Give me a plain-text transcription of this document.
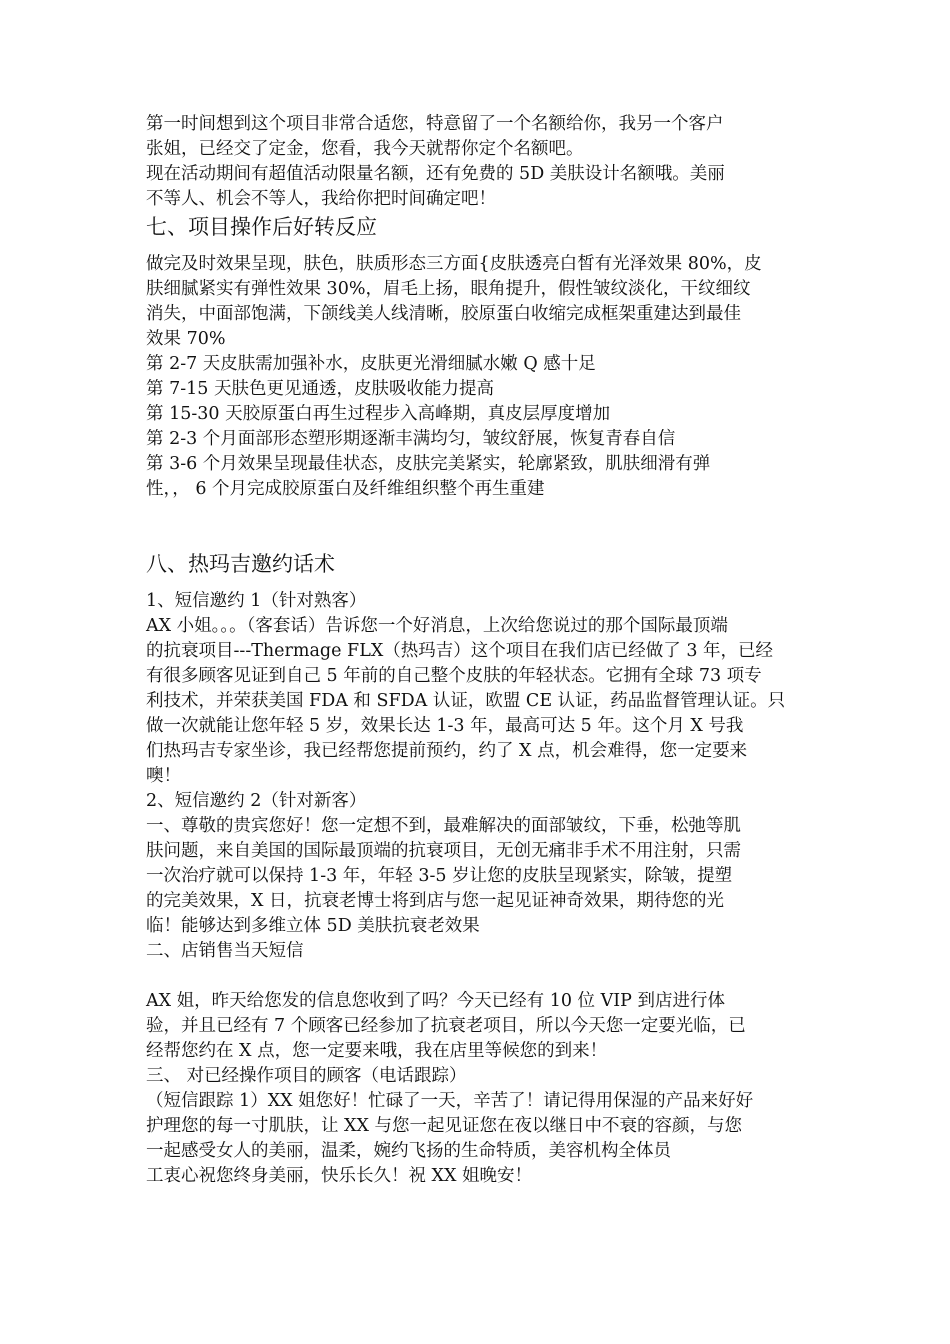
第一时间想到这个项目非常合适您，特意留了一个名额给你，我另一个客户
张姐，已经交了定金，您看，我今天就帮你定个名额吧。
现在活动期间有超值活动限量名额，还有免费的 5D 美肤设计名额哦。美丽
不等人、机会不等人，我给你把时间确定吧！
七、项目操作后好转反应
做完及时效果呈现，肤色，肤质形态三方面{皮肤透亮白皙有光泽效果 80%，皮
肤细腻紧实有弹性效果 30%，眉毛上扬，眼角提升，假性皱纹淡化，干纹细纹
消失，中面部饱满，下颌线美人线清晰，胶原蛋白收缩完成框架重建达到最佳
效果 70%
第 2-7 天皮肤需加强补水，皮肤更光滑细腻水嫩 Q 感十足
第 7-15 天肤色更见通透，皮肤吸收能力提高
第 15-30 天胶原蛋白再生过程步入高峰期，真皮层厚度增加
第 2-3 个月面部形态塑形期逐渐丰满均匀，皱纹舒展，恢复青春自信
第 3-6 个月效果呈现最佳状态，皮肤完美紧实，轮廓紧致，肌肤细滑有弹
性，， 6 个月完成胶原蛋白及纤维组织整个再生重建
八、热玛吉邀约话术
1、短信邀约 1（针对熟客）
AX 小姐。。。（客套话）告诉您一个好消息，上次给您说过的那个国际最顶端
的抗衰项目---Thermage FLX（热玛吉）这个项目在我们店已经做了 3 年，已经
有很多顾客见证到自己 5 年前的自己整个皮肤的年轻状态。它拥有全球 73 项专
利技术，并荣获美国 FDA 和 SFDA 认证，欧盟 CE 认证，药品监督管理认证。只
做一次就能让您年轻 5 岁，效果长达 1-3 年，最高可达 5 年。这个月 X 号我
们热玛吉专家坐诊，我已经帮您提前预约，约了 X 点，机会难得，您一定要来
噢！
2、短信邀约 2（针对新客）
一、尊敬的贵宾您好！您一定想不到，最难解决的面部皱纹，下垂，松弛等肌
肤问题，来自美国的国际最顶端的抗衰项目，无创无痛非手术不用注射，只需
一次治疗就可以保持 1-3 年，年轻 3-5 岁让您的皮肤呈现紧实，除皱，提塑
的完美效果，X 日，抗衰老博士将到店与您一起见证神奇效果，期待您的光
临！能够达到多维立体 5D 美肤抗衰老效果
二、店销售当天短信
AX 姐，昨天给您发的信息您收到了吗？今天已经有 10 位 VIP 到店进行体
验，并且已经有 7 个顾客已经参加了抗衰老项目，所以今天您一定要光临，已
经帮您约在 X 点，您一定要来哦，我在店里等候您的到来！
三、 对已经操作项目的顾客（电话跟踪）
（短信跟踪 1）XX 姐您好！忙碌了一天，辛苦了！请记得用保湿的产品来好好
护理您的每一寸肌肤，让 XX 与您一起见证您在夜以继日中不衰的容颜，与您
一起感受女人的美丽，温柔，婉约飞扬的生命特质，美容机构全体员
工衷心祝您终身美丽，快乐长久！祝 XX 姐晚安！
